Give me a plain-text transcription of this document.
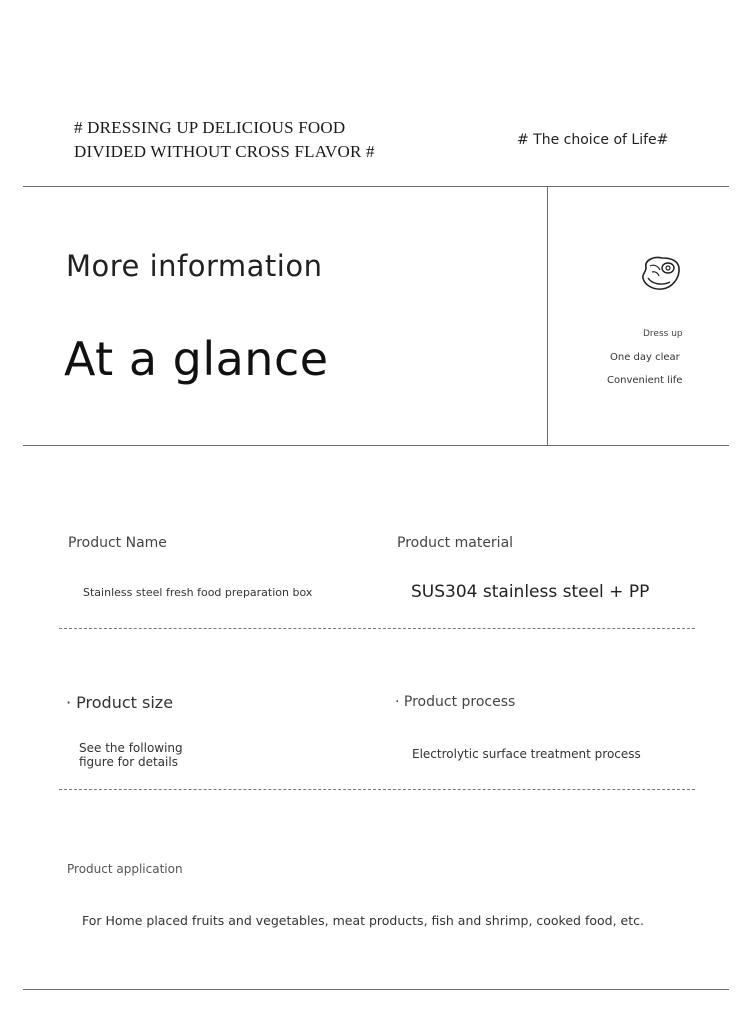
# DRESSING UP DELICIOUS FOOD
DIVIDED WITHOUT CROSS FLAVOR #
# The choice of Life#
More information
At a glance	Dress up
One day clear
Convenient life
Product Name
Stainless steel fresh food preparation box
Product material
SUS304 stainless steel + PP
· Product size
See the following
figure for details
· Product process
Electrolytic surface treatment process
Product application
For Home placed fruits and vegetables, meat products, fish and shrimp, cooked food, etc.
